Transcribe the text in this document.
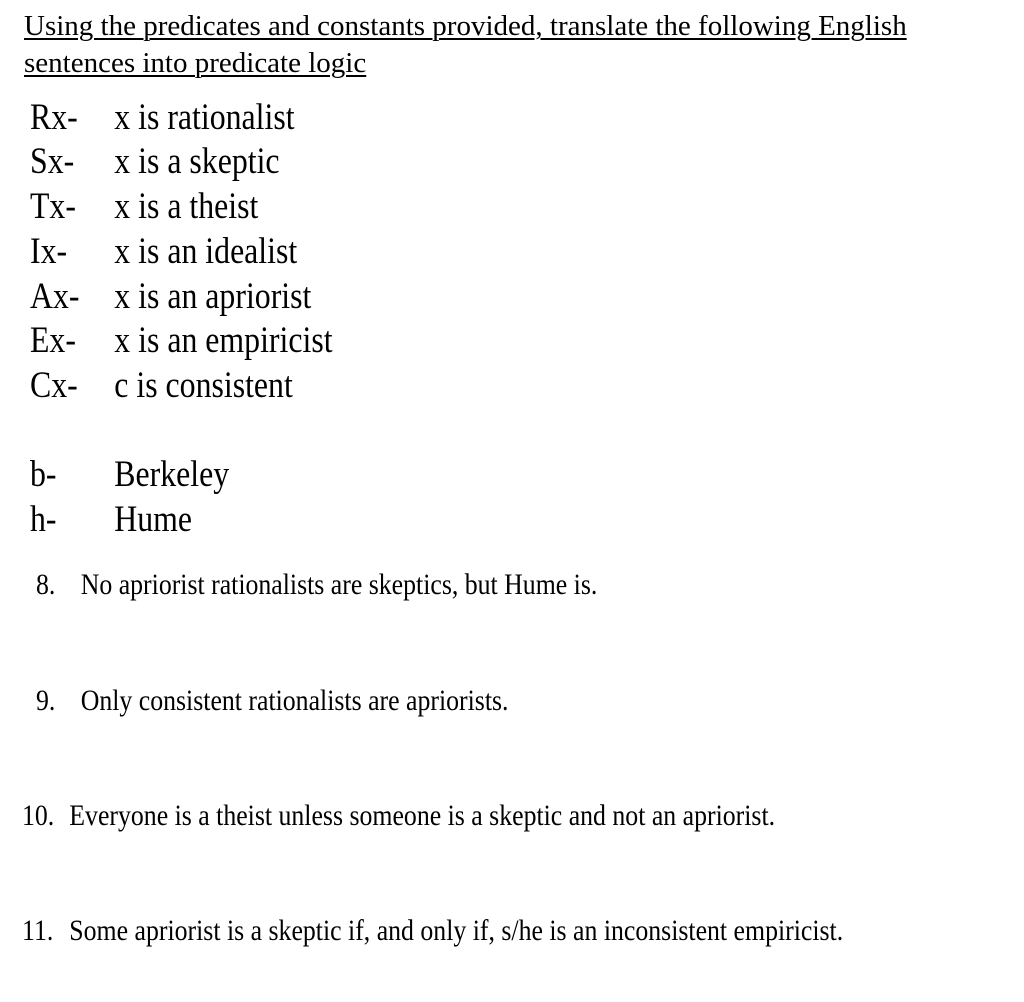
Using the predicates and constants provided, translate the following English sentences into predicate logic
Rx- x is rationalist
Sx- x is a skeptic
Tx- x is a theist
Ix- x is an idealist
Ax- x is an apriorist
Ex- x is an empiricist
Cx- c is consistent
b- Berkeley
h- Hume
8. No apriorist rationalists are skeptics, but Hume is.
9. Only consistent rationalists are apriorists.
10. Everyone is a theist unless someone is a skeptic and not an apriorist.
11. Some apriorist is a skeptic if, and only if, s/he is an inconsistent empiricist.
